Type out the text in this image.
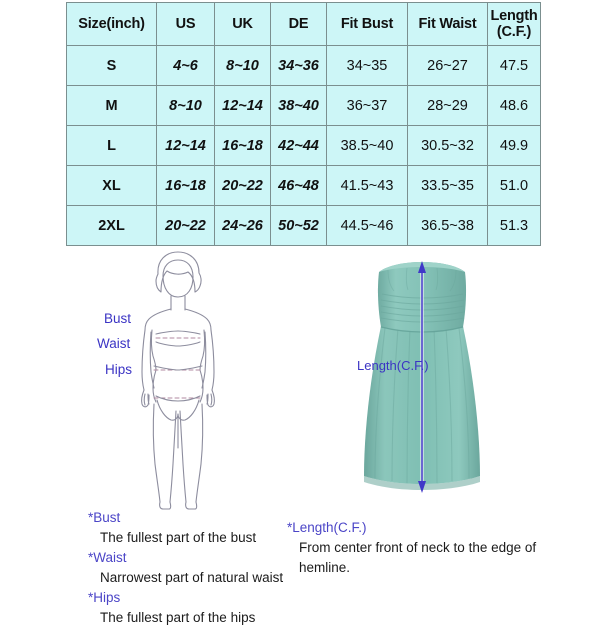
Size(inch)	US	UK	DE	Fit Bust	Fit Waist	Length
(C.F.)
S	4~6	8~10	34~36	34~35	26~27	47.5
M	8~10	12~14	38~40	36~37	28~29	48.6
L	12~14	16~18	42~44	38.5~40	30.5~32	49.9
XL	16~18	20~22	46~48	41.5~43	33.5~35	51.0
2XL	20~22	24~26	50~52	44.5~46	36.5~38	51.3
Bust
Waist
Hips	Length(C.F.)
*Bust
The fullest part of the bust
*Waist
Narrowest part of natural waist
*Hips
The fullest part of the hips
*Length(C.F.)
From center front of neck to the edge of
hemline.
